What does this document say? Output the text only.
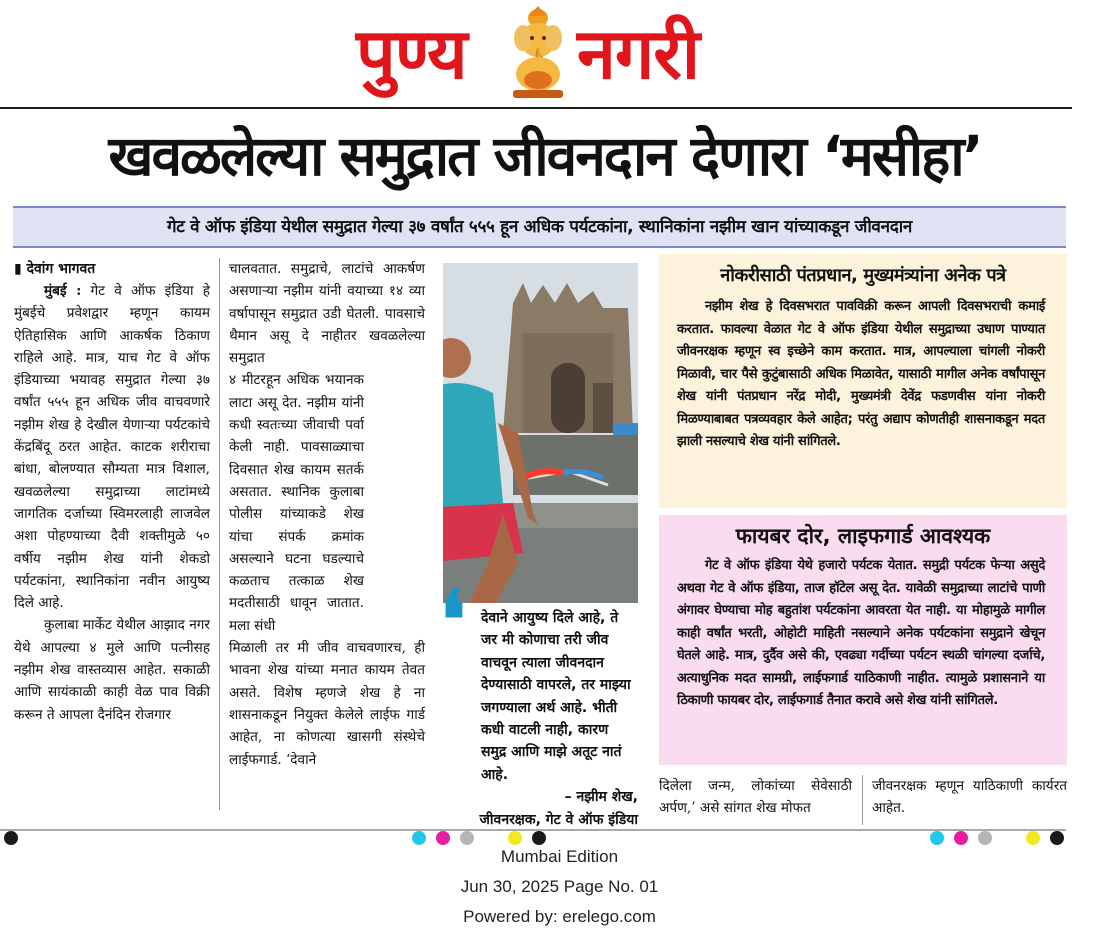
पुण्य नगरी
खवळलेल्या समुद्रात जीवनदान देणारा ‘मसीहा’
गेट वे ऑफ इंडिया येथील समुद्रात गेल्या ३७ वर्षांत ५५५ हून अधिक पर्यटकांना, स्थानिकांना नझीम खान यांच्याकडून जीवनदान
▮ देवांग भागवत
मुंबई : गेट वे ऑफ इंडिया हे मुंबईचे प्रवेशद्वार म्हणून कायम ऐतिहासिक आणि आकर्षक ठिकाण राहिले आहे. मात्र, याच गेट वे ऑफ इंडियाच्या भयावह समुद्रात गेल्या ३७ वर्षांत ५५५ हून अधिक जीव वाचवणारे नझीम शेख हे देखील येणाऱ्या पर्यटकांचे केंद्रबिंदू ठरत आहेत. काटक शरीराचा बांधा, बोलण्यात सौम्यता मात्र विशाल, खवळलेल्या समुद्राच्या लाटांमध्ये जागतिक दर्जाच्या स्विमरलाही लाजवेल अशा पोहण्याच्या दैवी शक्तीमुळे ५० वर्षीय नझीम शेख यांनी शेकडो पर्यटकांना, स्थानिकांना नवीन आयुष्य दिले आहे.
कुलाबा मार्केट येथील आझाद नगर येथे आपल्या ४ मुले आणि पत्नीसह नझीम शेख वास्तव्यास आहेत. सकाळी आणि सायंकाळी काही वेळ पाव विक्री करून ते आपला दैनंदिन रोजगार
चालवतात. समुद्राचे, लाटांचे आकर्षण असणाऱ्या नझीम यांनी वयाच्या १४ व्या वर्षापासून समुद्रात उडी घेतली. पावसाचे थैमान असू दे नाहीतर खवळलेल्या समुद्रात
४ मीटरहून अधिक भयानक लाटा असू देत. नझीम यांनी कधी स्वतःच्या जीवाची पर्वा केली नाही. पावसाळ्याचा दिवसात शेख कायम सतर्क असतात. स्थानिक कुलाबा पोलीस यांच्याकडे शेख यांचा संपर्क क्रमांक असल्याने घटना घडल्याचे कळताच तत्काळ शेख मदतीसाठी धावून जातात. मला संधी
मिळाली तर मी जीव वाचवणारच, ही भावना शेख यांच्या मनात कायम तेवत असते. विशेष म्हणजे शेख हे ना शासनाकडून नियुक्त केलेले लाईफ गार्ड आहेत, ना कोणत्या खासगी संस्थेचे लाईफगार्ड. ‘देवाने
❛	देवाने आयुष्य दिले आहे, ते जर मी कोणाचा तरी जीव वाचवून त्याला जीवनदान देण्यासाठी वापरले, तर माझ्या जगण्याला अर्थ आहे. भीती कधी वाटली नाही, कारण समुद्र आणि माझे अतूट नातं आहे.
– नझीम शेख,
जीवनरक्षक, गेट वे ऑफ इंडिया
नोकरीसाठी पंतप्रधान, मुख्यमंत्र्यांना अनेक पत्रे
नझीम शेख हे दिवसभरात पावविक्री करून आपली दिवसभराची कमाई करतात. फावल्या वेळात गेट वे ऑफ इंडिया येथील समुद्राच्या उधाण पाण्यात जीवनरक्षक म्हणून स्व इच्छेने काम करतात. मात्र, आपल्याला चांगली नोकरी मिळावी, चार पैसे कुटुंबासाठी अधिक मिळावेत, यासाठी मागील अनेक वर्षांपासून शेख यांनी पंतप्रधान नरेंद्र मोदी, मुख्यमंत्री देवेंद्र फडणवीस यांना नोकरी मिळण्याबाबत पत्रव्यवहार केले आहेत; परंतु अद्याप कोणतीही शासनाकडून मदत झाली नसल्याचे शेख यांनी सांगितले.
फायबर दोर, लाइफगार्ड आवश्यक
गेट वे ऑफ इंडिया येथे हजारो पर्यटक येतात. समुद्री पर्यटक फेऱ्या असुदे अथवा गेट वे ऑफ इंडिया, ताज हॉटेल असू देत. यावेळी समुद्राच्या लाटांचे पाणी अंगावर घेण्याचा मोह बहुतांश पर्यटकांना आवरता येत नाही. या मोहामुळे मागील काही वर्षांत भरती, ओहोटी माहिती नसल्याने अनेक पर्यटकांना समुद्राने खेचून घेतले आहे. मात्र, दुर्दैव असे की, एवढ्या गर्दीच्या पर्यटन स्थळी चांगल्या दर्जाचे, अत्याधुनिक मदत सामग्री, लाईफगार्ड याठिकाणी नाहीत. त्यामुळे प्रशासनाने या ठिकाणी फायबर दोर, लाईफगार्ड तैनात करावे असे शेख यांनी सांगितले.
दिलेला जन्म, लोकांच्या सेवेसाठी अर्पण,’ असे सांगत शेख मोफत
जीवनरक्षक म्हणून याठिकाणी कार्यरत आहेत.
Mumbai Edition
Jun 30, 2025 Page No. 01
Powered by: erelego.com
